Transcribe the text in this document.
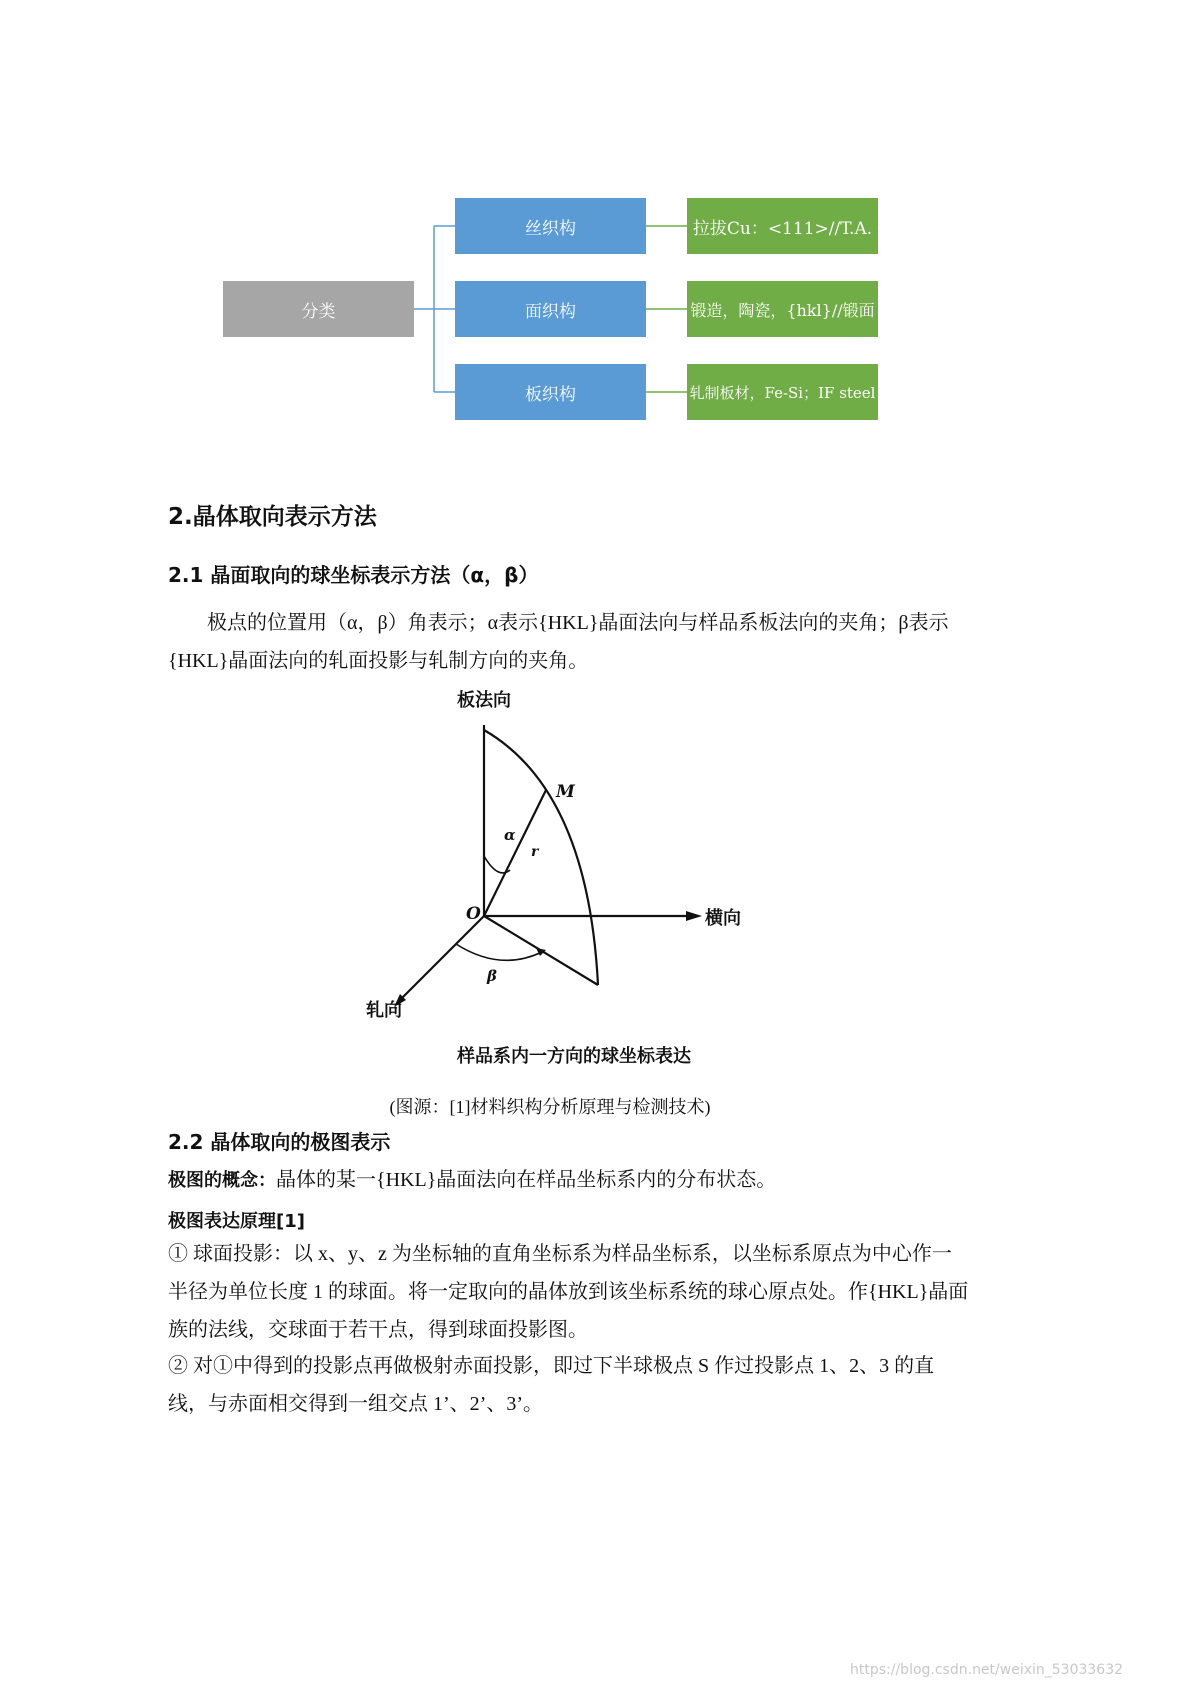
分类
丝织构
面织构
板织构
拉拔Cu：<111>//T.A.
锻造，陶瓷，{hkl}//锻面
轧制板材，Fe-Si；IF steel
2.晶体取向表示方法
2.1 晶面取向的球坐标表示方法（α，β）
极点的位置用（α，β）角表示；α表示{HKL}晶面法向与样品系板法向的夹角；β表示
{HKL}晶面法向的轧面投影与轧制方向的夹角。
板法向
M
α
r
O	横向
β
轧向
样品系内一方向的球坐标表达
(图源：[1]材料织构分析原理与检测技术)
2.2 晶体取向的极图表示
极图的概念：晶体的某一{HKL}晶面法向在样品坐标系内的分布状态。
极图表达原理[1]
① 球面投影：以 x、y、z 为坐标轴的直角坐标系为样品坐标系，以坐标系原点为中心作一
半径为单位长度 1 的球面。将一定取向的晶体放到该坐标系统的球心原点处。作{HKL}晶面
族的法线，交球面于若干点，得到球面投影图。
② 对①中得到的投影点再做极射赤面投影，即过下半球极点 S 作过投影点 1、2、3 的直
线，与赤面相交得到一组交点 1’、2’、3’。
https://blog.csdn.net/weixin_53033632
